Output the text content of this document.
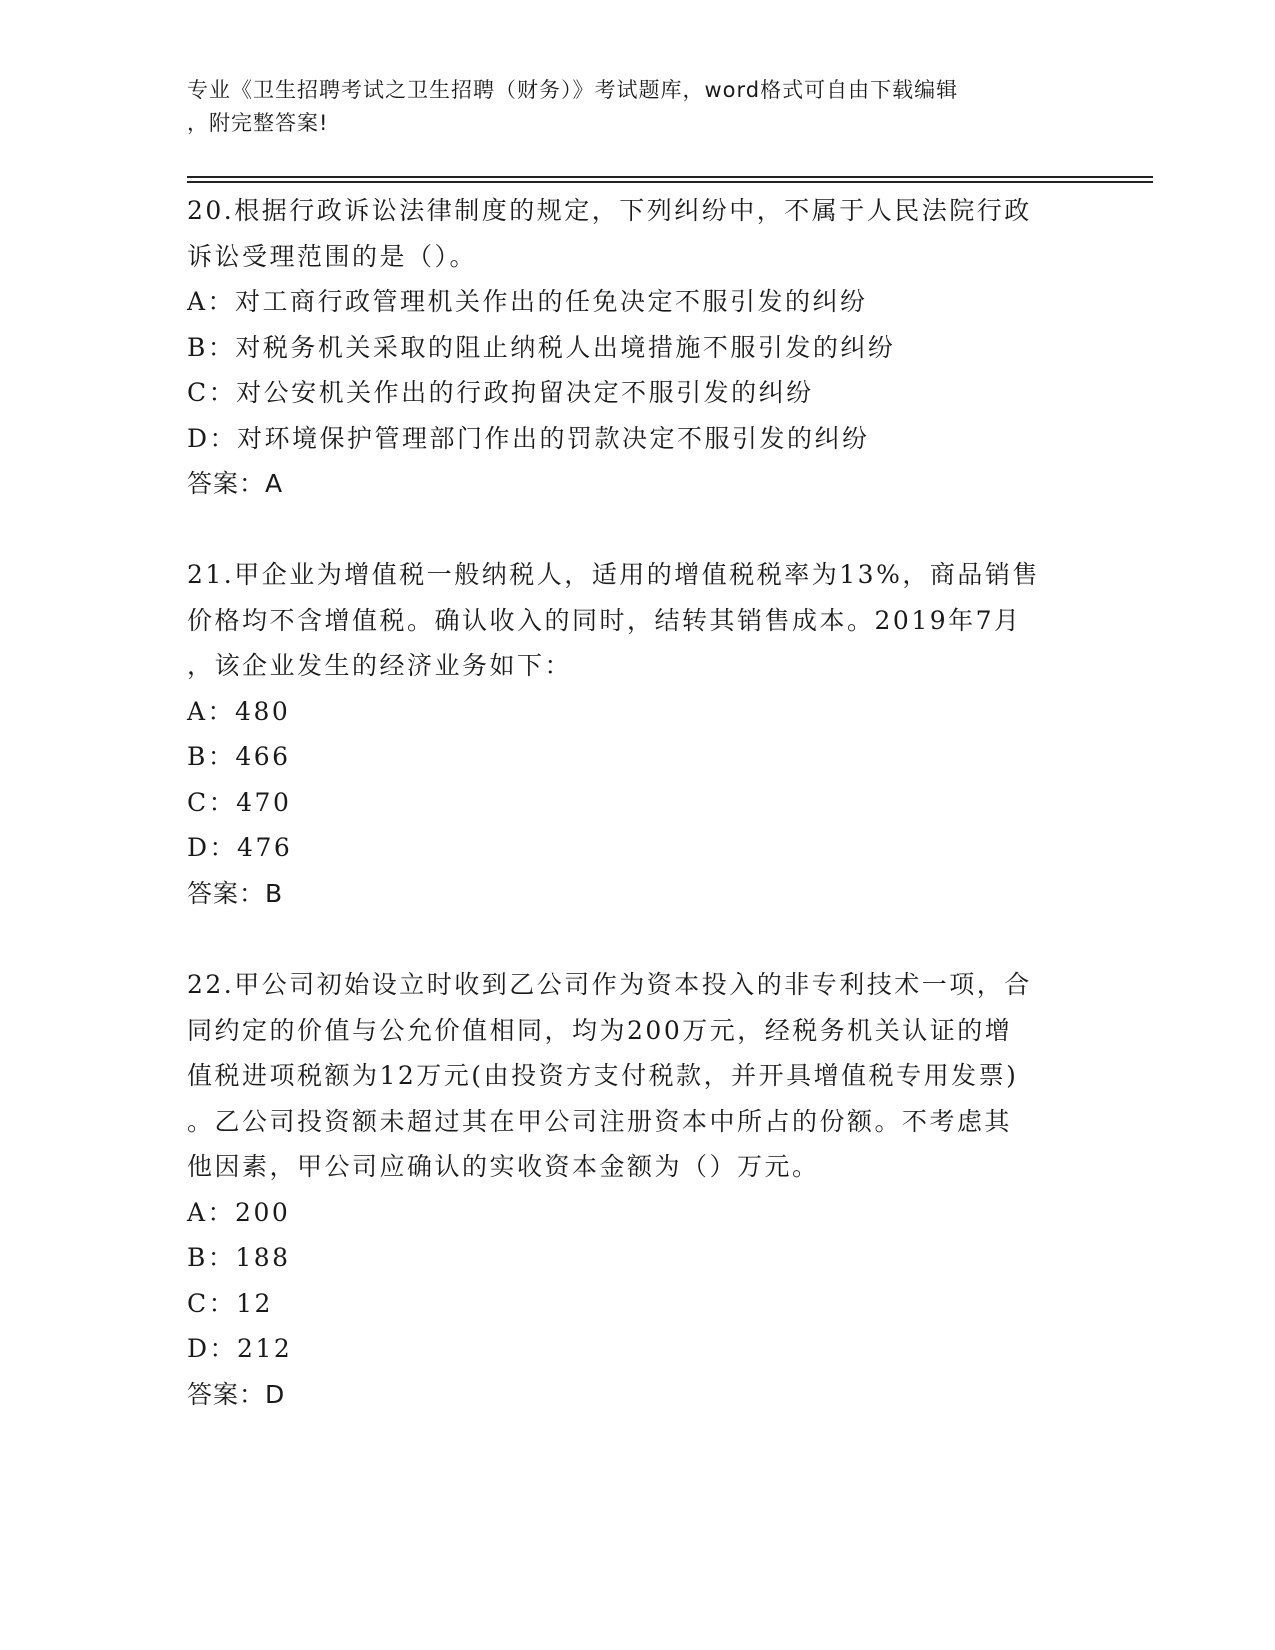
专业《卫生招聘考试之卫生招聘（财务）》考试题库，word格式可自由下载编辑
，附完整答案!

20.根据行政诉讼法律制度的规定，下列纠纷中，不属于人民法院行政

诉讼受理范围的是（）。

A：对工商行政管理机关作出的任免决定不服引发的纠纷

B：对税务机关采取的阻止纳税人出境措施不服引发的纠纷

C：对公安机关作出的行政拘留决定不服引发的纠纷

D：对环境保护管理部门作出的罚款决定不服引发的纠纷

答案：A

21.甲企业为增值税一般纳税人，适用的增值税税率为13%，商品销售

价格均不含增值税。确认收入的同时，结转其销售成本。2019年7月

，该企业发生的经济业务如下：

A：480

B：466

C：470

D：476

答案：B

22.甲公司初始设立时收到乙公司作为资本投入的非专利技术一项，合

同约定的价值与公允价值相同，均为200万元，经税务机关认证的增

值税进项税额为12万元(由投资方支付税款，并开具增值税专用发票)

。乙公司投资额未超过其在甲公司注册资本中所占的份额。不考虑其

他因素，甲公司应确认的实收资本金额为（）万元。

A：200

B：188

C：12

D：212

答案：D
